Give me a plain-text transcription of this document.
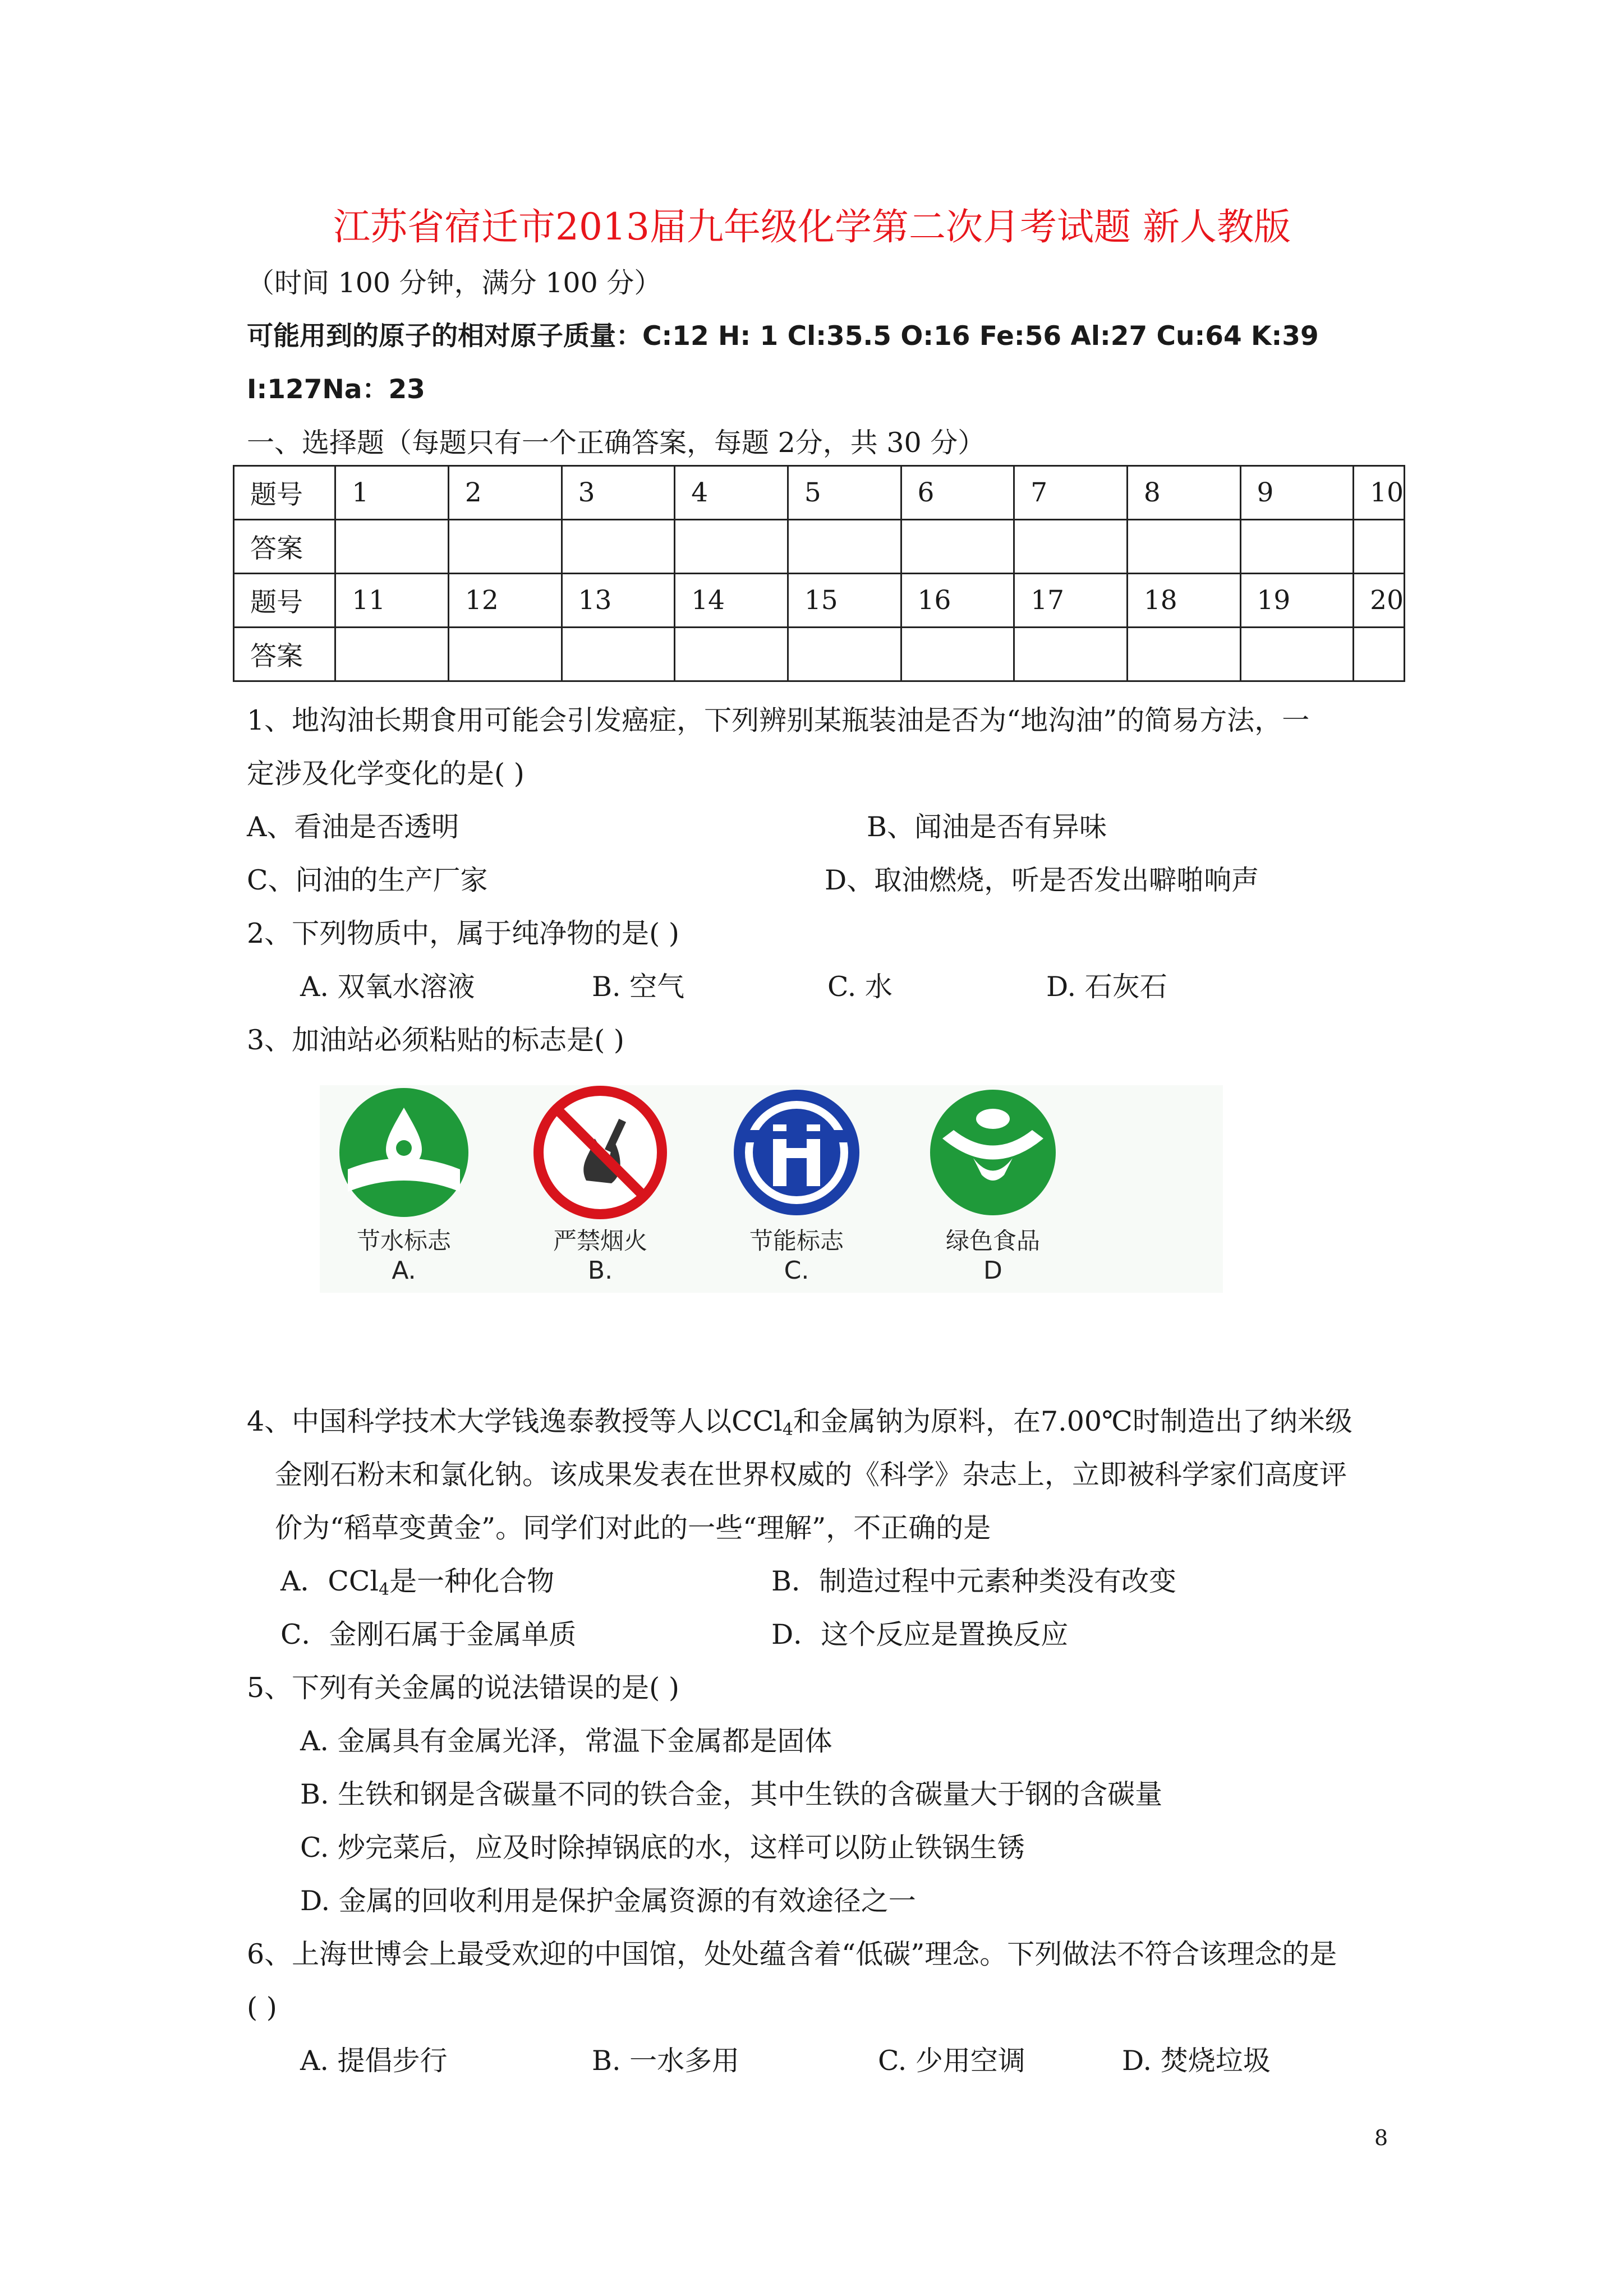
江苏省宿迁市2013届九年级化学第二次月考试题 新人教版
（时间 100 分钟，满分 100 分）
可能用到的原子的相对原子质量：C:12 H: 1 Cl:35.5 O:16 Fe:56 Al:27 Cu:64 K:39
I:127Na：23
一、选择题（每题只有一个正确答案，每题 2分，共 30 分）
题号	1	2	3	4	5	6	7	8	9	10
答案										
题号	11	12	13	14	15	16	17	18	19	20
答案										
1、地沟油长期食用可能会引发癌症，下列辨别某瓶装油是否为“地沟油”的简易方法，一
定涉及化学变化的是( )
A、看油是否透明	B、闻油是否有异味
C、问油的生产厂家	D、取油燃烧，听是否发出噼啪响声
2、下列物质中，属于纯净物的是( )
A. 双氧水溶液	B. 空气	C. 水	D. 石灰石
3、加油站必须粘贴的标志是( )
节水标志
A.
严禁烟火
B.
节能标志
C.
绿色食品
D
4、中国科学技术大学钱逸泰教授等人以CCl$_4$和金属钠为原料，在7.00℃时制造出了纳米级
金刚石粉末和氯化钠。该成果发表在世界权威的《科学》杂志上，立即被科学家们高度评
价为“稻草变黄金”。同学们对此的一些“理解”，不正确的是
A．CCl$_4$是一种化合物	B．制造过程中元素种类没有改变
C．金刚石属于金属单质	D．这个反应是置换反应
5、下列有关金属的说法错误的是( )
A. 金属具有金属光泽，常温下金属都是固体
B. 生铁和钢是含碳量不同的铁合金，其中生铁的含碳量大于钢的含碳量
C. 炒完菜后，应及时除掉锅底的水，这样可以防止铁锅生锈
D. 金属的回收利用是保护金属资源的有效途径之一
6、上海世博会上最受欢迎的中国馆，处处蕴含着“低碳”理念。下列做法不符合该理念的是
( )
A. 提倡步行	B. 一水多用	C. 少用空调	D. 焚烧垃圾
8
